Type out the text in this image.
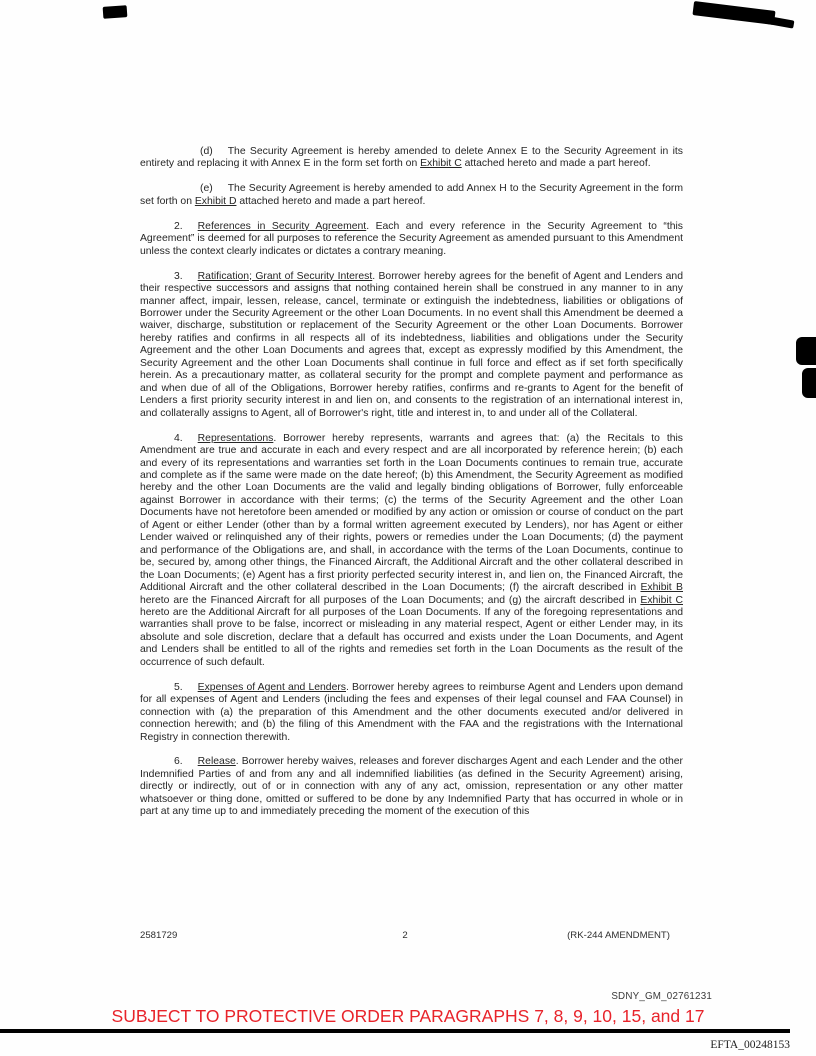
(d) The Security Agreement is hereby amended to delete Annex E to the Security Agreement in its entirety and replacing it with Annex E in the form set forth on Exhibit C attached hereto and made a part hereof.

(e) The Security Agreement is hereby amended to add Annex H to the Security Agreement in the form set forth on Exhibit D attached hereto and made a part hereof.

2. References in Security Agreement. Each and every reference in the Security Agreement to “this Agreement” is deemed for all purposes to reference the Security Agreement as amended pursuant to this Amendment unless the context clearly indicates or dictates a contrary meaning.

3. Ratification; Grant of Security Interest. Borrower hereby agrees for the benefit of Agent and Lenders and their respective successors and assigns that nothing contained herein shall be construed in any manner to in any manner affect, impair, lessen, release, cancel, terminate or extinguish the indebtedness, liabilities or obligations of Borrower under the Security Agreement or the other Loan Documents. In no event shall this Amendment be deemed a waiver, discharge, substitution or replacement of the Security Agreement or the other Loan Documents. Borrower hereby ratifies and confirms in all respects all of its indebtedness, liabilities and obligations under the Security Agreement and the other Loan Documents and agrees that, except as expressly modified by this Amendment, the Security Agreement and the other Loan Documents shall continue in full force and effect as if set forth specifically herein. As a precautionary matter, as collateral security for the prompt and complete payment and performance as and when due of all of the Obligations, Borrower hereby ratifies, confirms and re-grants to Agent for the benefit of Lenders a first priority security interest in and lien on, and consents to the registration of an international interest in, and collaterally assigns to Agent, all of Borrower's right, title and interest in, to and under all of the Collateral.

4. Representations. Borrower hereby represents, warrants and agrees that: (a) the Recitals to this Amendment are true and accurate in each and every respect and are all incorporated by reference herein; (b) each and every of its representations and warranties set forth in the Loan Documents continues to remain true, accurate and complete as if the same were made on the date hereof; (b) this Amendment, the Security Agreement as modified hereby and the other Loan Documents are the valid and legally binding obligations of Borrower, fully enforceable against Borrower in accordance with their terms; (c) the terms of the Security Agreement and the other Loan Documents have not heretofore been amended or modified by any action or omission or course of conduct on the part of Agent or either Lender (other than by a formal written agreement executed by Lenders), nor has Agent or either Lender waived or relinquished any of their rights, powers or remedies under the Loan Documents; (d) the payment and performance of the Obligations are, and shall, in accordance with the terms of the Loan Documents, continue to be, secured by, among other things, the Financed Aircraft, the Additional Aircraft and the other collateral described in the Loan Documents; (e) Agent has a first priority perfected security interest in, and lien on, the Financed Aircraft, the Additional Aircraft and the other collateral described in the Loan Documents; (f) the aircraft described in Exhibit B hereto are the Financed Aircraft for all purposes of the Loan Documents; and (g) the aircraft described in Exhibit C hereto are the Additional Aircraft for all purposes of the Loan Documents. If any of the foregoing representations and warranties shall prove to be false, incorrect or misleading in any material respect, Agent or either Lender may, in its absolute and sole discretion, declare that a default has occurred and exists under the Loan Documents, and Agent and Lenders shall be entitled to all of the rights and remedies set forth in the Loan Documents as the result of the occurrence of such default.

5. Expenses of Agent and Lenders. Borrower hereby agrees to reimburse Agent and Lenders upon demand for all expenses of Agent and Lenders (including the fees and expenses of their legal counsel and FAA Counsel) in connection with (a) the preparation of this Amendment and the other documents executed and/or delivered in connection herewith; and (b) the filing of this Amendment with the FAA and the registrations with the International Registry in connection therewith.

6. Release. Borrower hereby waives, releases and forever discharges Agent and each Lender and the other Indemnified Parties of and from any and all indemnified liabilities (as defined in the Security Agreement) arising, directly or indirectly, out of or in connection with any of any act, omission, representation or any other matter whatsoever or thing done, omitted or suffered to be done by any Indemnified Party that has occurred in whole or in part at any time up to and immediately preceding the moment of the execution of this

2581729	2	(RK-244 AMENDMENT)
SDNY_GM_02761231
SUBJECT TO PROTECTIVE ORDER PARAGRAPHS 7, 8, 9, 10, 15, and 17
EFTA_00248153
